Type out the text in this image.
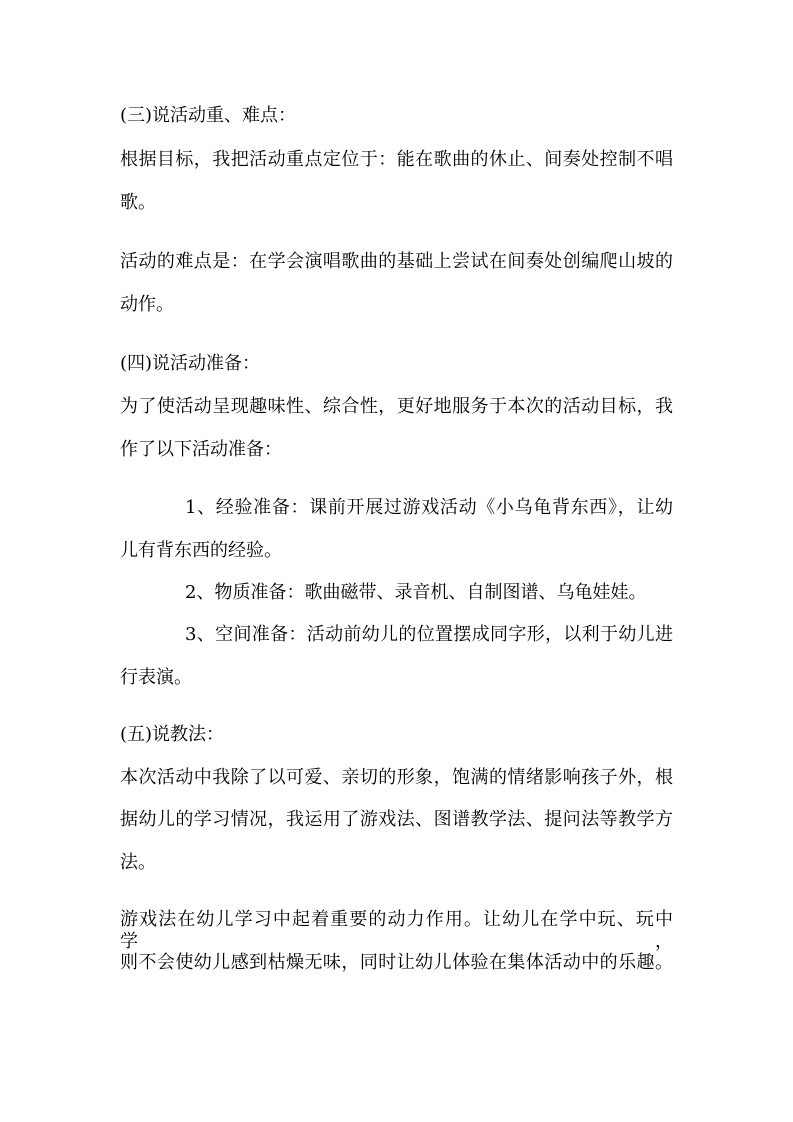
(三)说活动重、难点：
根据目标，我把活动重点定位于：能在歌曲的休止、间奏处控制不唱
歌。
活动的难点是：在学会演唱歌曲的基础上尝试在间奏处创编爬山坡的
动作。
(四)说活动准备：
为了使活动呈现趣味性、综合性，更好地服务于本次的活动目标，我
作了以下活动准备：
1、经验准备：课前开展过游戏活动《小乌龟背东西》，让幼
儿有背东西的经验。
2、物质准备：歌曲磁带、录音机、自制图谱、乌龟娃娃。
3、空间准备：活动前幼儿的位置摆成同字形，以利于幼儿进
行表演。
(五)说教法：
本次活动中我除了以可爱、亲切的形象，饱满的情绪影响孩子外，根
据幼儿的学习情况，我运用了游戏法、图谱教学法、提问法等教学方
法。
游戏法在幼儿学习中起着重要的动力作用。让幼儿在学中玩、玩中学，
则不会使幼儿感到枯燥无味，同时让幼儿体验在集体活动中的乐趣。
